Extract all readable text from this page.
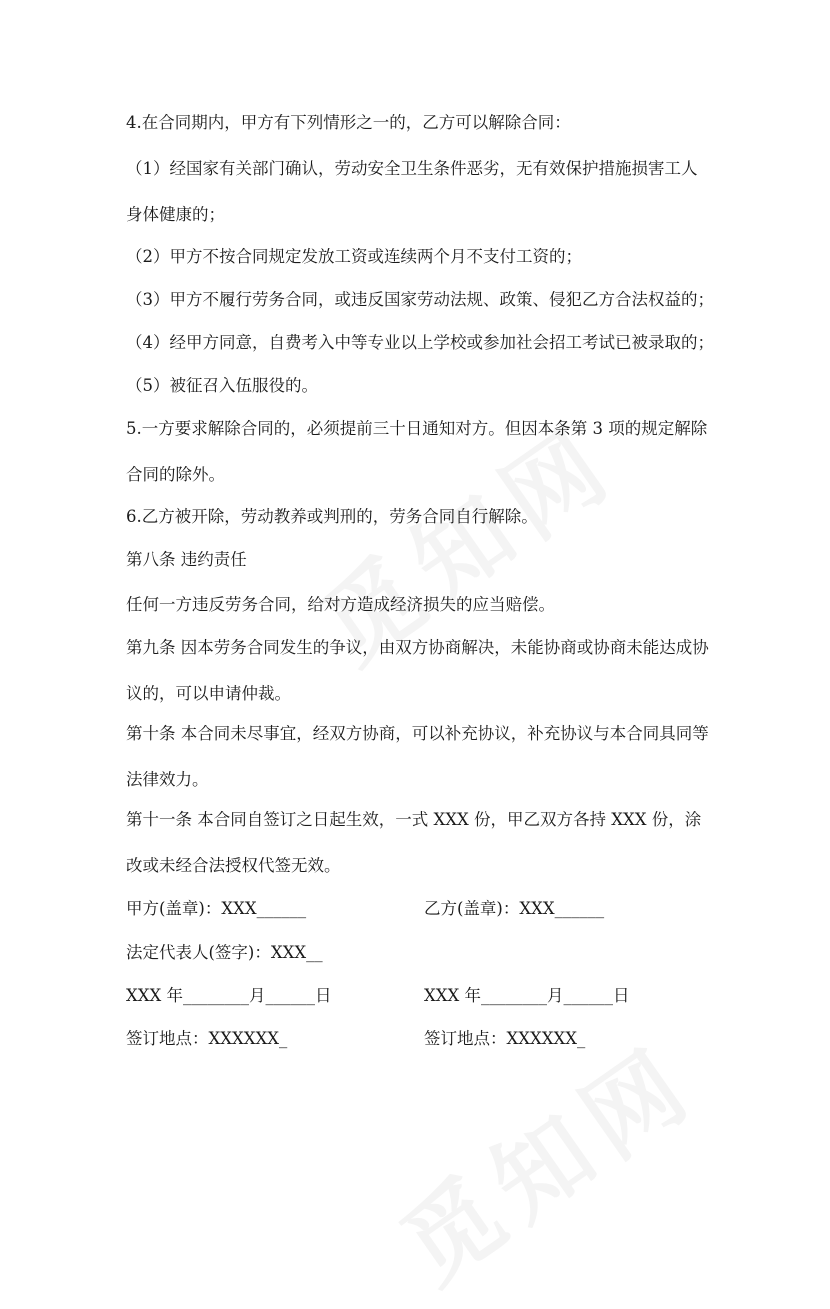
4.在合同期内，甲方有下列情形之一的，乙方可以解除合同：

（1）经国家有关部门确认，劳动安全卫生条件恶劣，无有效保护措施损害工人身体健康的；

（2）甲方不按合同规定发放工资或连续两个月不支付工资的；

（3）甲方不履行劳务合同，或违反国家劳动法规、政策、侵犯乙方合法权益的；

（4）经甲方同意，自费考入中等专业以上学校或参加社会招工考试已被录取的；

（5）被征召入伍服役的。

5.一方要求解除合同的，必须提前三十日通知对方。但因本条第 3 项的规定解除合同的除外。

6.乙方被开除，劳动教养或判刑的，劳务合同自行解除。

第八条 违约责任

任何一方违反劳务合同，给对方造成经济损失的应当赔偿。

第九条 因本劳务合同发生的争议，由双方协商解决，未能协商或协商未能达成协议的，可以申请仲裁。

第十条 本合同未尽事宜，经双方协商，可以补充协议，补充协议与本合同具同等法律效力。

第十一条 本合同自签订之日起生效，一式 XXX 份，甲乙双方各持 XXX 份，涂改或未经合法授权代签无效。

甲方(盖章)：XXX______	乙方(盖章)：XXX______
法定代表人(签字)：XXX__
XXX 年________月______日	XXX 年________月______日
签订地点：XXXXXX_	签订地点：XXXXXX_
